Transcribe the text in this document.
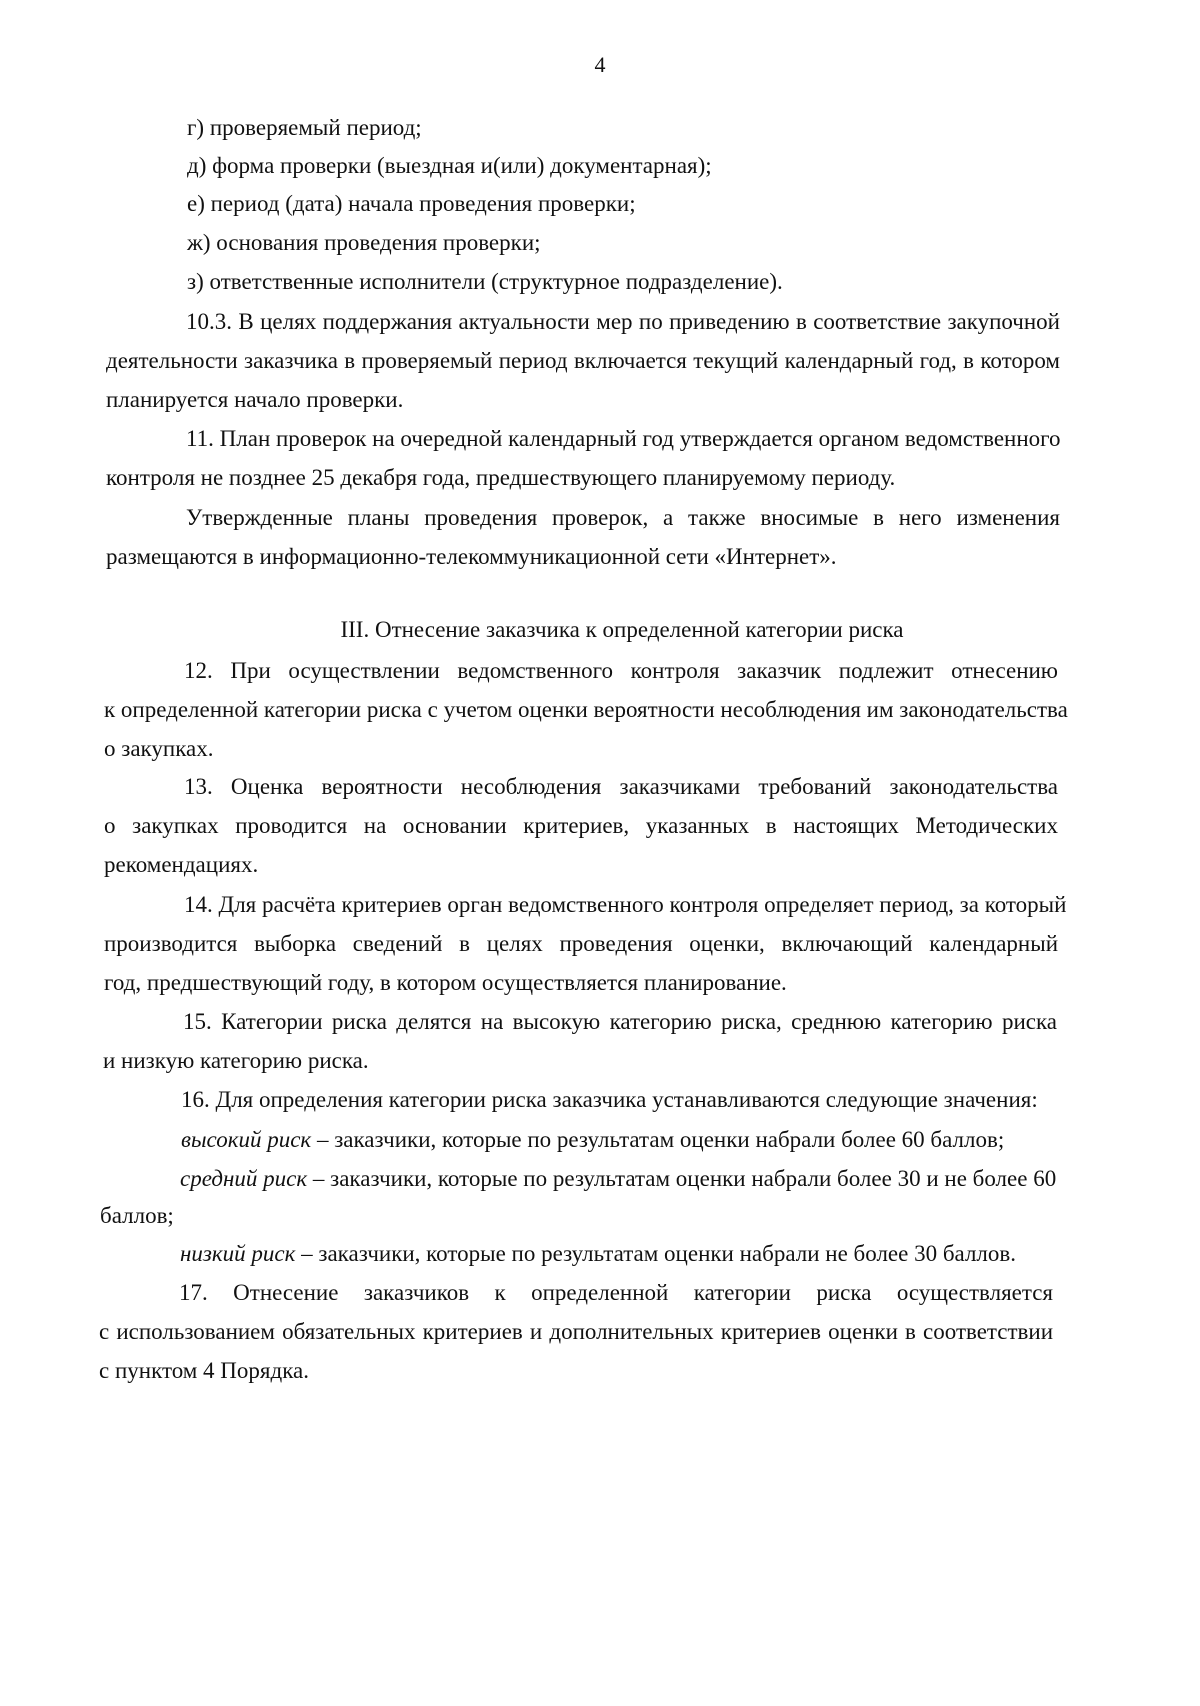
4

г) проверяемый период;

д) форма проверки (выездная и(или) документарная);

е) период (дата) начала проведения проверки;

ж) основания проведения проверки;

з) ответственные исполнители (структурное подразделение).

10.3. В целях поддержания актуальности мер по приведению в соответствие закупочной

деятельности заказчика в проверяемый период включается текущий календарный год, в котором

планируется начало проверки.

11. План проверок на очередной календарный год утверждается органом ведомственного

контроля не позднее 25 декабря года, предшествующего планируемому периоду.

Утвержденные планы проведения проверок, а также вносимые в него изменения

размещаются в информационно-телекоммуникационной сети «Интернет».

III. Отнесение заказчика к определенной категории риска

12. При осуществлении ведомственного контроля заказчик подлежит отнесению

к определенной категории риска с учетом оценки вероятности несоблюдения им законодательства

о закупках.

13. Оценка вероятности несоблюдения заказчиками требований законодательства

о закупках проводится на основании критериев, указанных в настоящих Методических

рекомендациях.

14. Для расчёта критериев орган ведомственного контроля определяет период, за который

производится выборка сведений в целях проведения оценки, включающий календарный

год, предшествующий году, в котором осуществляется планирование.

15. Категории риска делятся на высокую категорию риска, среднюю категорию риска

и низкую категорию риска.

16. Для определения категории риска заказчика устанавливаются следующие значения:

высокий риск – заказчики, которые по результатам оценки набрали более 60 баллов;

средний риск – заказчики, которые по результатам оценки набрали более 30 и не более 60

баллов;

низкий риск – заказчики, которые по результатам оценки набрали не более 30 баллов.

17. Отнесение заказчиков к определенной категории риска осуществляется

с использованием обязательных критериев и дополнительных критериев оценки в соответствии

с пунктом 4 Порядка.
